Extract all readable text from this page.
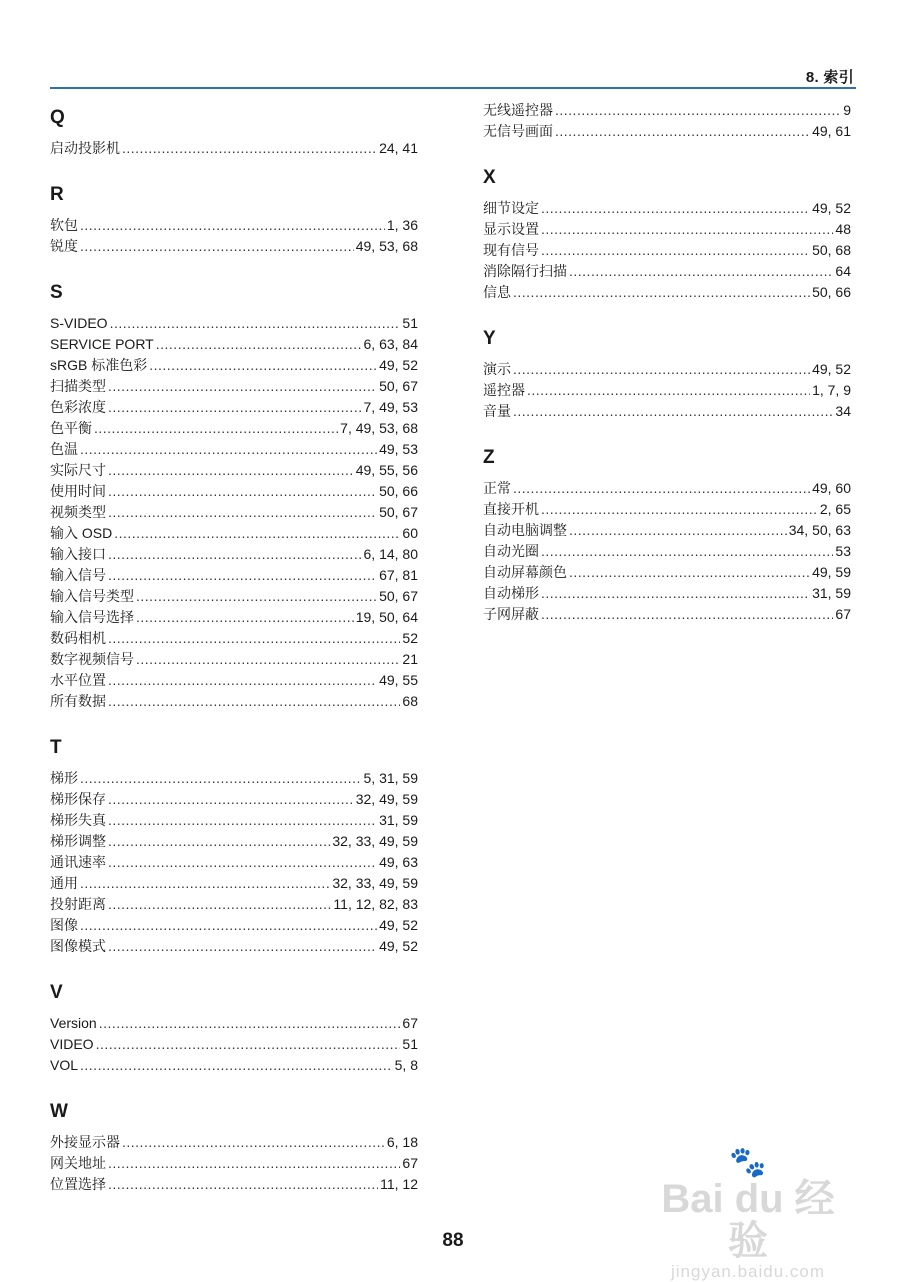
8. 索引
Q
启动投影机 .....	24, 41
R
软包 .....	1, 36
锐度 .....	49, 53, 68
S
S-VIDEO .....	51
SERVICE PORT .....	6, 63, 84
sRGB 标准色彩 .....	49, 52
扫描类型 .....	50, 67
色彩浓度 .....	7, 49, 53
色平衡 .....	7, 49, 53, 68
色温 .....	49, 53
实际尺寸 .....	49, 55, 56
使用时间 .....	50, 66
视频类型 .....	50, 67
输入 OSD .....	60
输入接口 .....	6, 14, 80
输入信号 .....	67, 81
输入信号类型 .....	50, 67
输入信号选择 .....	19, 50, 64
数码相机 .....	52
数字视频信号 .....	21
水平位置 .....	49, 55
所有数据 .....	68
T
梯形 .....	5, 31, 59
梯形保存 .....	32, 49, 59
梯形失真 .....	31, 59
梯形调整 .....	32, 33, 49, 59
通讯速率 .....	49, 63
通用 .....	32, 33, 49, 59
投射距离 .....	11, 12, 82, 83
图像 .....	49, 52
图像模式 .....	49, 52
V
Version .....	67
VIDEO .....	51
VOL .....	5, 8
W
外接显示器 .....	6, 18
网关地址 .....	67
位置选择 .....	11, 12
无线遥控器 .....	9
无信号画面 .....	49, 61
X
细节设定 .....	49, 52
显示设置 .....	48
现有信号 .....	50, 68
消除隔行扫描 .....	64
信息 .....	50, 66
Y
演示 .....	49, 52
遥控器 .....	1, 7, 9
音量 .....	34
Z
正常 .....	49, 60
直接开机 .....	2, 65
自动电脑调整 .....	34, 50, 63
自动光圈 .....	53
自动屏幕颜色 .....	49, 59
自动梯形 .....	31, 59
子网屏蔽 .....	67
88
🐾
Bai du 经验
jingyan.baidu.com
